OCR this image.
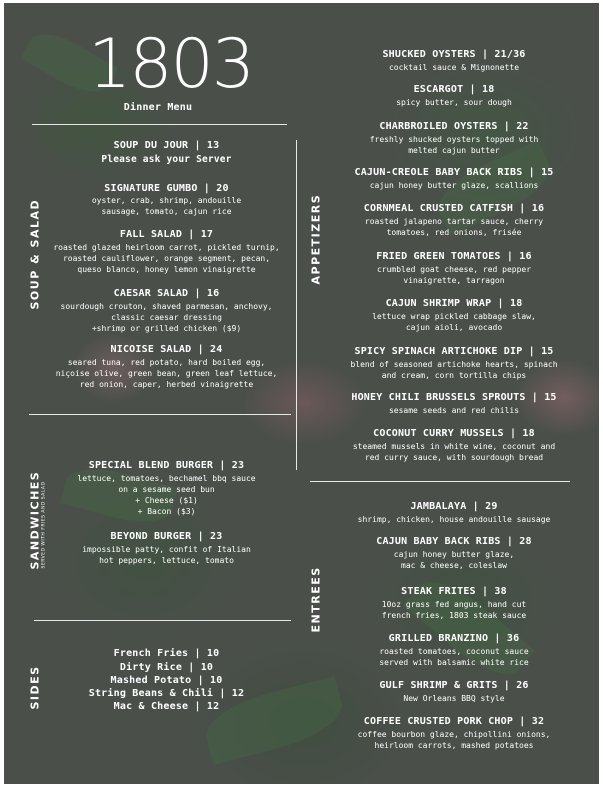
1803
Dinner Menu
SOUP & SALAD
SANDWICHES SERVED WITH FRIES AND SALAD
SIDES
APPETIZERS
ENTREES
SOUP DU JOUR | 13
Please ask your Server
SIGNATURE GUMBO | 20
oyster, crab, shrimp, andouille
sausage, tomato, cajun rice
FALL SALAD | 17
roasted glazed heirloom carrot, pickled turnip,
roasted cauliflower, orange segment, pecan,
queso blanco, honey lemon vinaigrette
CAESAR SALAD | 16
sourdough crouton, shaved parmesan, anchovy,
classic caesar dressing
+shrimp or grilled chicken ($9)
NICOISE SALAD | 24
seared tuna, red potato, hard boiled egg,
niçoise olive, green bean, green leaf lettuce,
red onion, caper, herbed vinaigrette
SPECIAL BLEND BURGER | 23
lettuce, tomatoes, bechamel bbq sauce
on a sesame seed bun
+ Cheese ($1)
+ Bacon ($3)
BEYOND BURGER | 23
impossible patty, confit of Italian
hot peppers, lettuce, tomato
French Fries | 10
Dirty Rice | 10
Mashed Potato | 10
String Beans & Chili | 12
Mac & Cheese | 12
SHUCKED OYSTERS | 21/36
cocktail sauce & Mignonette
ESCARGOT | 18
spicy butter, sour dough
CHARBROILED OYSTERS | 22
freshly shucked oysters topped with
melted cajun butter
CAJUN-CREOLE BABY BACK RIBS | 15
cajun honey butter glaze, scallions
CORNMEAL CRUSTED CATFISH | 16
roasted jalapeno tartar sauce, cherry
tomatoes, red onions, frisée
FRIED GREEN TOMATOES | 16
crumbled goat cheese, red pepper
vinaigrette, tarragon
CAJUN SHRIMP WRAP | 18
lettuce wrap pickled cabbage slaw,
cajun aioli, avocado
SPICY SPINACH ARTICHOKE DIP | 15
blend of seasoned artichoke hearts, spinach
and cream, corn tortilla chips
HONEY CHILI BRUSSELS SPROUTS | 15
sesame seeds and red chilis
COCONUT CURRY MUSSELS | 18
steamed mussels in white wine, coconut and
red curry sauce, with sourdough bread
JAMBALAYA | 29
shrimp, chicken, house andouille sausage
CAJUN BABY BACK RIBS | 28
cajun honey butter glaze,
mac & cheese, coleslaw
STEAK FRITES | 38
10oz grass fed angus, hand cut
french fries, 1803 steak sauce
GRILLED BRANZINO | 36
roasted tomatoes, coconut sauce
served with balsamic white rice
GULF SHRIMP & GRITS | 26
New Orleans BBQ style
COFFEE CRUSTED PORK CHOP | 32
coffee bourbon glaze, chipollini onions,
heirloom carrots, mashed potatoes
